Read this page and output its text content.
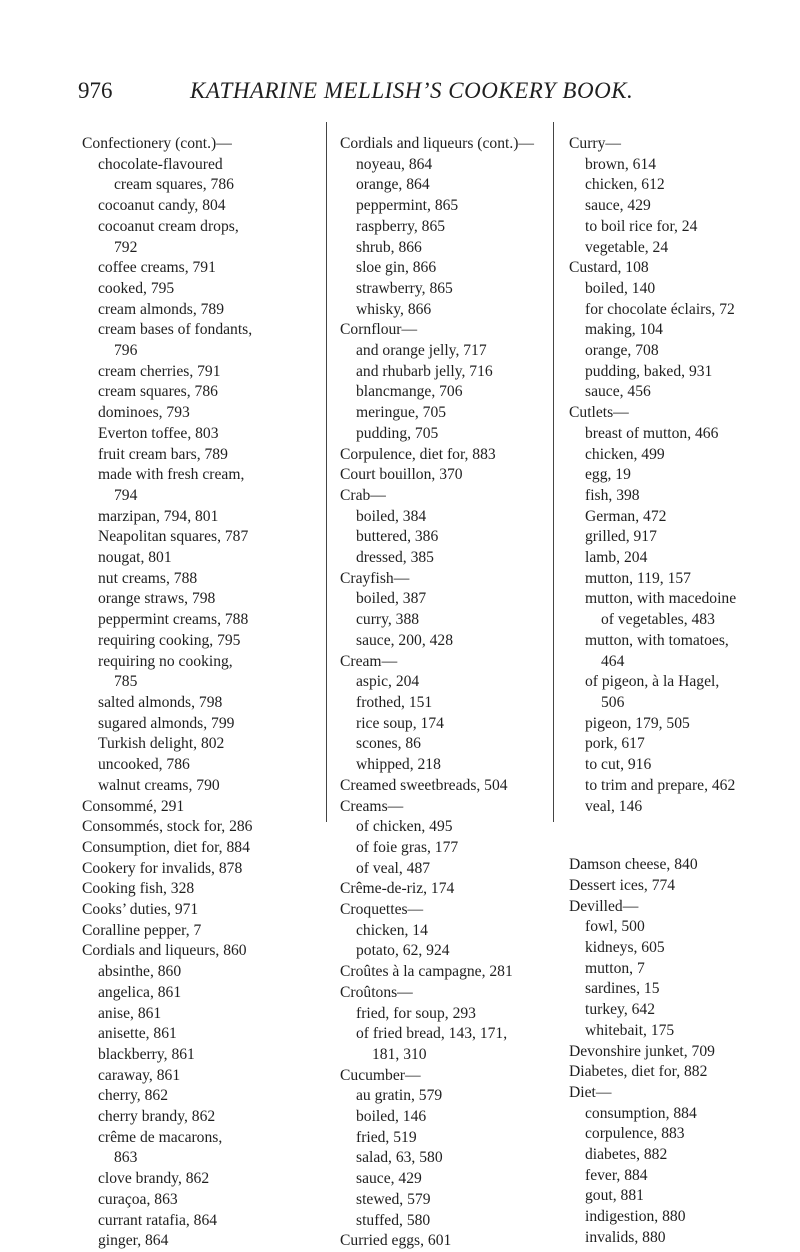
976	KATHARINE MELLISH’S COOKERY BOOK.
Confectionery (cont.)—
chocolate-flavoured
cream squares, 786
cocoanut candy, 804
cocoanut cream drops,
792
coffee creams, 791
cooked, 795
cream almonds, 789
cream bases of fondants,
796
cream cherries, 791
cream squares, 786
dominoes, 793
Everton toffee, 803
fruit cream bars, 789
made with fresh cream,
794
marzipan, 794, 801
Neapolitan squares, 787
nougat, 801
nut creams, 788
orange straws, 798
peppermint creams, 788
requiring cooking, 795
requiring no cooking,
785
salted almonds, 798
sugared almonds, 799
Turkish delight, 802
uncooked, 786
walnut creams, 790
Consommé, 291
Consommés, stock for, 286
Consumption, diet for, 884
Cookery for invalids, 878
Cooking fish, 328
Cooks’ duties, 971
Coralline pepper, 7
Cordials and liqueurs, 860
absinthe, 860
angelica, 861
anise, 861
anisette, 861
blackberry, 861
caraway, 861
cherry, 862
cherry brandy, 862
crême de macarons,
863
clove brandy, 862
curaçoa, 863
currant ratafia, 864
ginger, 864
Cordials and liqueurs (cont.)—
noyeau, 864
orange, 864
peppermint, 865
raspberry, 865
shrub, 866
sloe gin, 866
strawberry, 865
whisky, 866
Cornflour—
and orange jelly, 717
and rhubarb jelly, 716
blancmange, 706
meringue, 705
pudding, 705
Corpulence, diet for, 883
Court bouillon, 370
Crab—
boiled, 384
buttered, 386
dressed, 385
Crayfish—
boiled, 387
curry, 388
sauce, 200, 428
Cream—
aspic, 204
frothed, 151
rice soup, 174
scones, 86
whipped, 218
Creamed sweetbreads, 504
Creams—
of chicken, 495
of foie gras, 177
of veal, 487
Crême-de-riz, 174
Croquettes—
chicken, 14
potato, 62, 924
Croûtes à la campagne, 281
Croûtons—
fried, for soup, 293
of fried bread, 143, 171,
181, 310
Cucumber—
au gratin, 579
boiled, 146
fried, 519
salad, 63, 580
sauce, 429
stewed, 579
stuffed, 580
Curried eggs, 601
Curry—
brown, 614
chicken, 612
sauce, 429
to boil rice for, 24
vegetable, 24
Custard, 108
boiled, 140
for chocolate éclairs, 72
making, 104
orange, 708
pudding, baked, 931
sauce, 456
Cutlets—
breast of mutton, 466
chicken, 499
egg, 19
fish, 398
German, 472
grilled, 917
lamb, 204
mutton, 119, 157
mutton, with macedoine
of vegetables, 483
mutton, with tomatoes,
464
of pigeon, à la Hagel,
506
pigeon, 179, 505
pork, 617
to cut, 916
to trim and prepare, 462
veal, 146
Damson cheese, 840
Dessert ices, 774
Devilled—
fowl, 500
kidneys, 605
mutton, 7
sardines, 15
turkey, 642
whitebait, 175
Devonshire junket, 709
Diabetes, diet for, 882
Diet—
consumption, 884
corpulence, 883
diabetes, 882
fever, 884
gout, 881
indigestion, 880
invalids, 880
